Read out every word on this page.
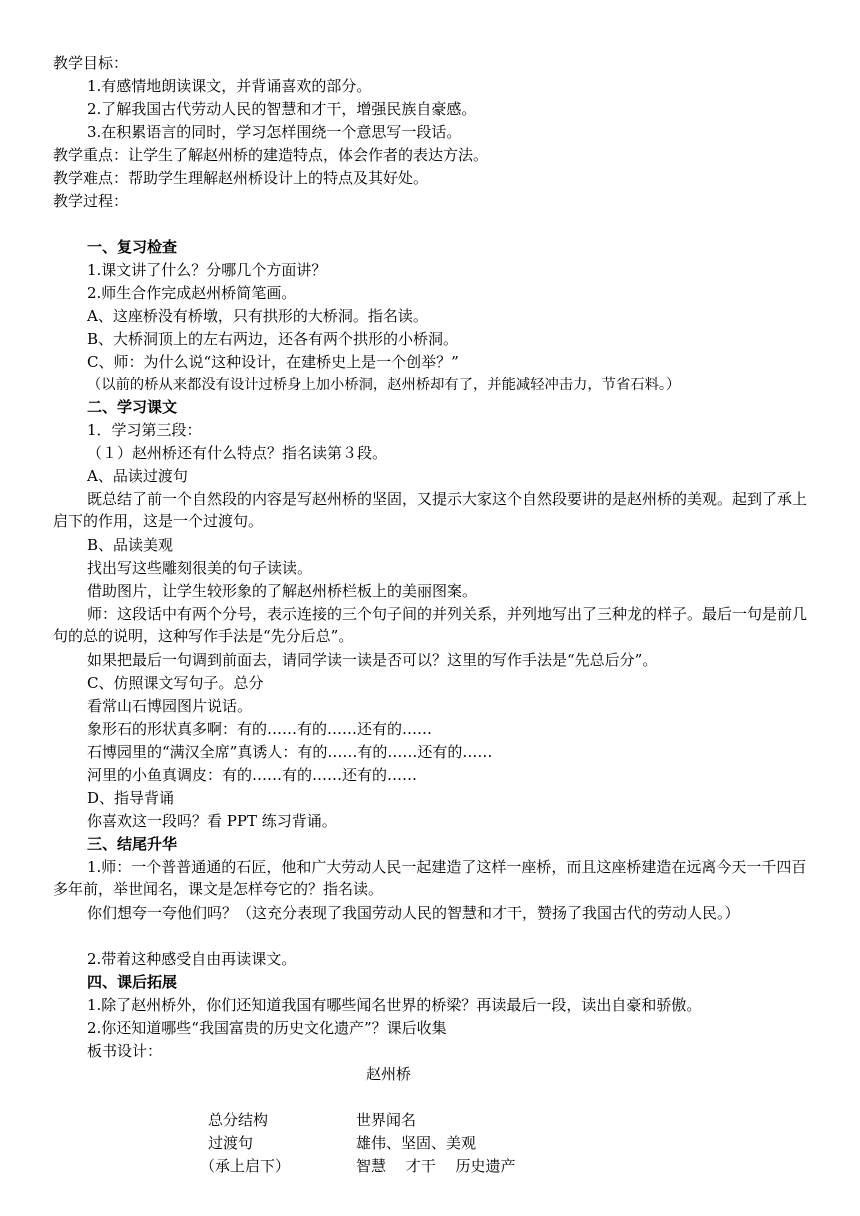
教学目标：
1.有感情地朗读课文，并背诵喜欢的部分。
2.了解我国古代劳动人民的智慧和才干，增强民族自豪感。
3.在积累语言的同时，学习怎样围绕一个意思写一段话。
教学重点：让学生了解赵州桥的建造特点，体会作者的表达方法。
教学难点：帮助学生理解赵州桥设计上的特点及其好处。
教学过程：
一、复习检查
1.课文讲了什么？分哪几个方面讲？
2.师生合作完成赵州桥简笔画。
A、这座桥没有桥墩，只有拱形的大桥洞。指名读。
B、大桥洞顶上的左右两边，还各有两个拱形的小桥洞。
C、师：为什么说“这种设计，在建桥史上是一个创举？”
（以前的桥从来都没有设计过桥身上加小桥洞，赵州桥却有了，并能减轻冲击力，节省石料。）
二、学习课文
1．学习第三段：
（１）赵州桥还有什么特点？指名读第３段。
A、品读过渡句
既总结了前一个自然段的内容是写赵州桥的坚固，又提示大家这个自然段要讲的是赵州桥的美观。起到了承上启下的作用，这是一个过渡句。
B、品读美观
找出写这些雕刻很美的句子读读。
借助图片，让学生较形象的了解赵州桥栏板上的美丽图案。
师：这段话中有两个分号，表示连接的三个句子间的并列关系，并列地写出了三种龙的样子。最后一句是前几句的总的说明，这种写作手法是“先分后总”。
如果把最后一句调到前面去，请同学读一读是否可以？这里的写作手法是“先总后分”。
C、仿照课文写句子。总分
看常山石博园图片说话。
象形石的形状真多啊：有的……有的……还有的……
石博园里的“满汉全席”真诱人：有的……有的……还有的……
河里的小鱼真调皮：有的……有的……还有的……
D、指导背诵
你喜欢这一段吗？看 PPT 练习背诵。
三、结尾升华
1.师：一个普普通通的石匠，他和广大劳动人民一起建造了这样一座桥，而且这座桥建造在远离今天一千四百多年前，举世闻名，课文是怎样夸它的？指名读。
你们想夸一夸他们吗？（这充分表现了我国劳动人民的智慧和才干，赞扬了我国古代的劳动人民。）
2.带着这种感受自由再读课文。
四、课后拓展
1.除了赵州桥外，你们还知道我国有哪些闻名世界的桥梁？再读最后一段，读出自豪和骄傲。
2.你还知道哪些“我国富贵的历史文化遗产”？课后收集
板书设计：
赵州桥
总分结构
过渡句
（承上启下）
世界闻名
雄伟、坚固、美观
智慧　 才干　 历史遗产
